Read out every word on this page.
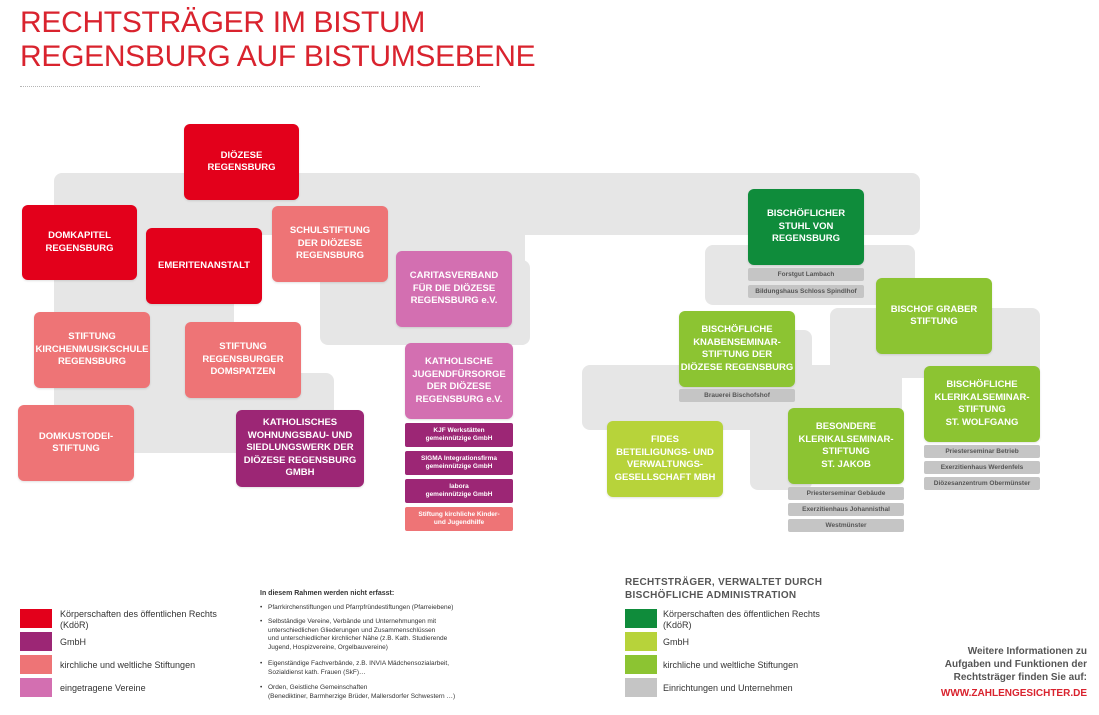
RECHTSTRÄGER IM BISTUM
REGENSBURG AUF BISTUMSEBENE
DIÖZESE
REGENSBURG
DOMKAPITEL
REGENSBURG
EMERITENANSTALT
SCHULSTIFTUNG
DER DIÖZESE
REGENSBURG
CARITASVERBAND
FÜR DIE DIÖZESE
REGENSBURG e.V.
STIFTUNG
KIRCHENMUSIKSCHULE
REGENSBURG
STIFTUNG
REGENSBURGER
DOMSPATZEN
KATHOLISCHE
JUGENDFÜRSORGE
DER DIÖZESE
REGENSBURG e.V.
DOMKUSTODEI-
STIFTUNG
KATHOLISCHES
WOHNUNGSBAU- UND
SIEDLUNGSWERK DER
DIÖZESE REGENSBURG
GMBH
KJF Werkstätten
gemeinnützige GmbH
SIGMA Integrationsfirma
gemeinnützige GmbH
labora
gemeinnützige GmbH
Stiftung kirchliche Kinder-
und Jugendhilfe
BISCHÖFLICHER
STUHL VON
REGENSBURG
Forstgut Lambach
Bildungshaus Schloss Spindlhof
BISCHOF GRABER
STIFTUNG
BISCHÖFLICHE
KNABENSEMINAR-
STIFTUNG DER
DIÖZESE REGENSBURG
Brauerei Bischofshof
BISCHÖFLICHE
KLERIKALSEMINAR-
STIFTUNG
ST. WOLFGANG
FIDES
BETEILIGUNGS- UND
VERWALTUNGS-
GESELLSCHAFT MBH
BESONDERE
KLERIKALSEMINAR-
STIFTUNG
ST. JAKOB
Priesterseminar Betrieb
Exerzitienhaus Werdenfels
Diözesanzentrum Obermünster
Priesterseminar Gebäude
Exerzitienhaus Johannisthal
Westmünster
Körperschaften des öffentlichen Rechts
(KdöR)
GmbH
kirchliche und weltliche Stiftungen
eingetragene Vereine
In diesem Rahmen werden nicht erfasst:
• Pfarrkirchenstiftungen und Pfarrpfründestiftungen (Pfarreiebene)
• Selbständige Vereine, Verbände und Unternehmungen mit
unterschiedlichen Gliederungen und Zusammenschlüssen
und unterschiedlicher kirchlicher Nähe (z.B. Kath. Studierende
Jugend, Hospizvereine, Orgelbauvereine)
• Eigenständige Fachverbände, z.B. INVIA Mädchensozialarbeit,
Sozialdienst kath. Frauen (SkF)…
• Orden, Geistliche Gemeinschaften
(Benediktiner, Barmherzige Brüder, Mallersdorfer Schwestern …)
RECHTSTRÄGER, VERWALTET DURCH
BISCHÖFLICHE ADMINISTRATION
Körperschaften des öffentlichen Rechts
(KdöR)
GmbH
kirchliche und weltliche Stiftungen
Einrichtungen und Unternehmen
Weitere Informationen zu
Aufgaben und Funktionen der
Rechtsträger finden Sie auf:
WWW.ZAHLENGESICHTER.DE
